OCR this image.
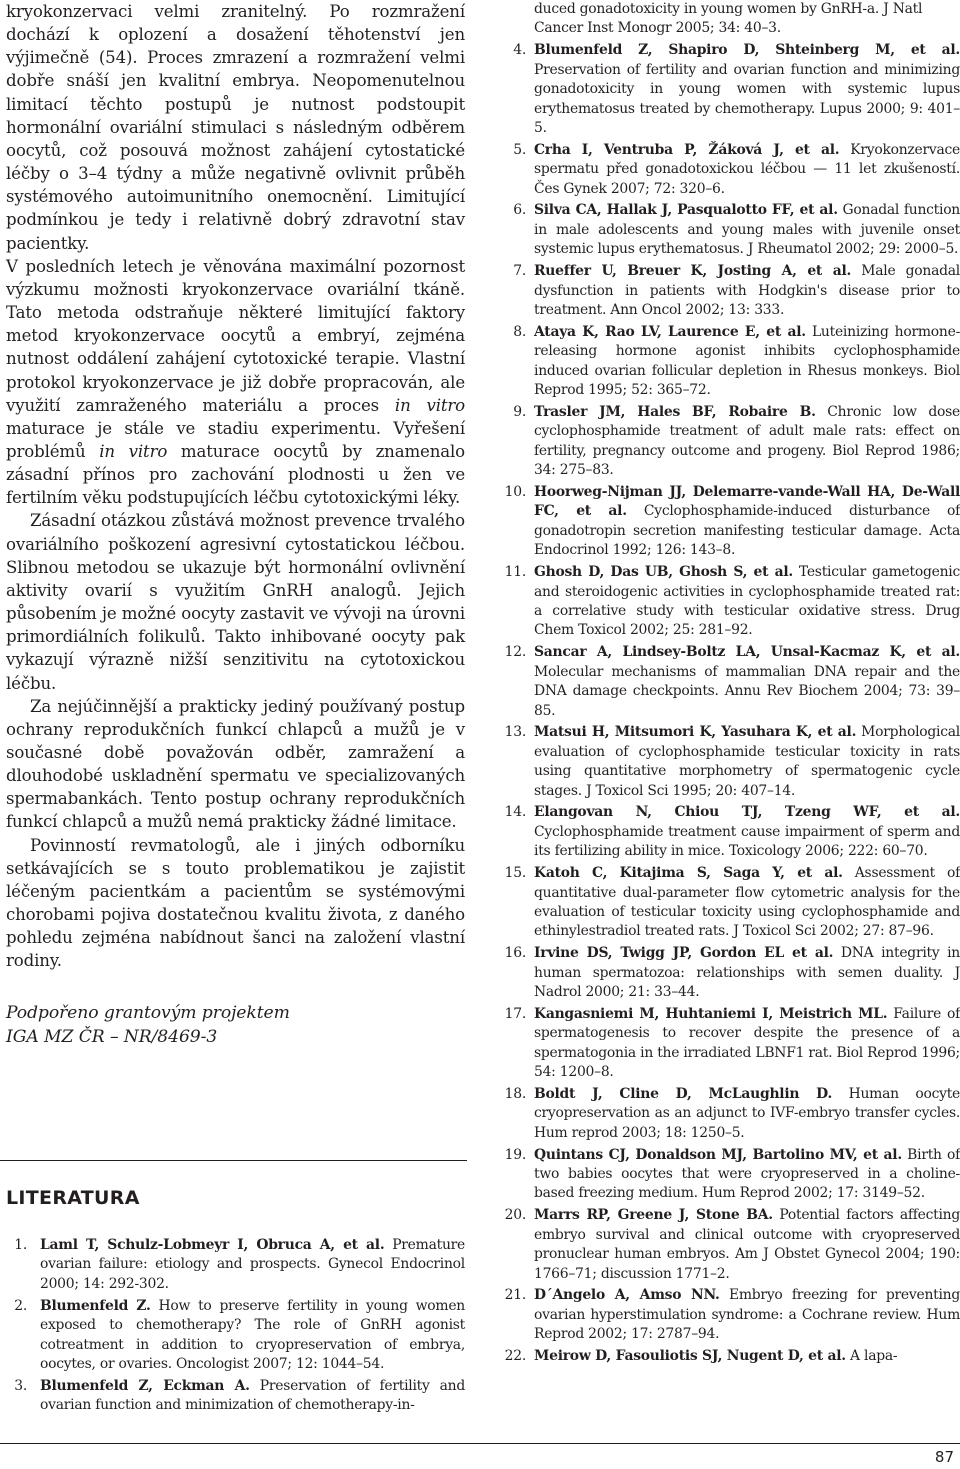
kryokonzervaci velmi zranitelný. Po rozmražení dochází k oplození a dosažení těhotenství jen výjimečně (54). Proces zmrazení a rozmražení velmi dobře snáší jen kvalitní embrya. Neopomenutelnou limitací těchto postupů je nutnost podstoupit hormonální ovariální stimulaci s následným odběrem oocytů, což posouvá možnost zahájení cytostatické léčby o 3–4 týdny a může negativně ovlivnit průběh systémového autoimunitního onemocnění. Limitující podmínkou je tedy i relativně dobrý zdravotní stav pacientky.

V posledních letech je věnována maximální pozornost výzkumu možnosti kryokonzervace ovariální tkáně. Tato metoda odstraňuje některé limitující faktory metod kryokonzervace oocytů a embryí, zejména nutnost oddálení zahájení cytotoxické terapie. Vlastní protokol kryokonzervace je již dobře propracován, ale využití zamraženého materiálu a proces in vitro maturace je stále ve stadiu experimentu. Vyřešení problémů in vitro maturace oocytů by znamenalo zásadní přínos pro zachování plodnosti u žen ve fertilním věku podstupujících léčbu cytotoxickými léky.

Zásadní otázkou zůstává možnost prevence trvalého ovariálního poškození agresivní cytostatickou léčbou. Slibnou metodou se ukazuje být hormonální ovlivnění aktivity ovarií s využitím GnRH analogů. Jejich působením je možné oocyty zastavit ve vývoji na úrovni primordiálních folikulů. Takto inhibované oocyty pak vykazují výrazně nižší senzitivitu na cytotoxickou léčbu.

Za nejúčinnější a prakticky jediný používaný postup ochrany reprodukčních funkcí chlapců a mužů je v současné době považován odběr, zamražení a dlouhodobé uskladnění spermatu ve specializovaných spermabankách. Tento postup ochrany reprodukčních funkcí chlapců a mužů nemá prakticky žádné limitace.

Povinností revmatologů, ale i jiných odborníku setkávajících se s touto problematikou je zajistit léčeným pacientkám a pacientům se systémovými chorobami pojiva dostatečnou kvalitu života, z daného pohledu zejména nabídnout šanci na založení vlastní rodiny.

Podpořeno grantovým projektem
IGA MZ ČR – NR/8469-3
LITERATURA
1. Laml T, Schulz-Lobmeyr I, Obruca A, et al. Premature ovarian failure: etiology and prospects. Gynecol Endocrinol 2000; 14: 292-302.
2. Blumenfeld Z. How to preserve fertility in young women exposed to chemotherapy? The role of GnRH agonist cotreatment in addition to cryopreservation of embrya, oocytes, or ovaries. Oncologist 2007; 12: 1044–54.
3. Blumenfeld Z, Eckman A. Preservation of fertility and ovarian function and minimization of chemotherapy-in-
duced gonadotoxicity in young women by GnRH-a. J Natl Cancer Inst Monogr 2005; 34: 40–3.
4. Blumenfeld Z, Shapiro D, Shteinberg M, et al. Preservation of fertility and ovarian function and minimizing gonadotoxicity in young women with systemic lupus erythematosus treated by chemotherapy. Lupus 2000; 9: 401–5.
5. Crha I, Ventruba P, Žáková J, et al. Kryokonzervace spermatu před gonadotoxickou léčbou — 11 let zkušeností. Čes Gynek 2007; 72: 320–6.
6. Silva CA, Hallak J, Pasqualotto FF, et al. Gonadal function in male adolescents and young males with juvenile onset systemic lupus erythematosus. J Rheumatol 2002; 29: 2000–5.
7. Rueffer U, Breuer K, Josting A, et al. Male gonadal dysfunction in patients with Hodgkin's disease prior to treatment. Ann Oncol 2002; 13: 333.
8. Ataya K, Rao LV, Laurence E, et al. Luteinizing hormone-releasing hormone agonist inhibits cyclophosphamide induced ovarian follicular depletion in Rhesus monkeys. Biol Reprod 1995; 52: 365–72.
9. Trasler JM, Hales BF, Robaire B. Chronic low dose cyclophosphamide treatment of adult male rats: effect on fertility, pregnancy outcome and progeny. Biol Reprod 1986; 34: 275–83.
10. Hoorweg-Nijman JJ, Delemarre-vande-Wall HA, De-Wall FC, et al. Cyclophosphamide-induced disturbance of gonadotropin secretion manifesting testicular damage. Acta Endocrinol 1992; 126: 143–8.
11. Ghosh D, Das UB, Ghosh S, et al. Testicular gametogenic and steroidogenic activities in cyclophosphamide treated rat: a correlative study with testicular oxidative stress. Drug Chem Toxicol 2002; 25: 281–92.
12. Sancar A, Lindsey-Boltz LA, Unsal-Kacmaz K, et al. Molecular mechanisms of mammalian DNA repair and the DNA damage checkpoints. Annu Rev Biochem 2004; 73: 39–85.
13. Matsui H, Mitsumori K, Yasuhara K, et al. Morphological evaluation of cyclophosphamide testicular toxicity in rats using quantitative morphometry of spermatogenic cycle stages. J Toxicol Sci 1995; 20: 407–14.
14. Elangovan N, Chiou TJ, Tzeng WF, et al. Cyclophosphamide treatment cause impairment of sperm and its fertilizing ability in mice. Toxicology 2006; 222: 60–70.
15. Katoh C, Kitajima S, Saga Y, et al. Assessment of quantitative dual-parameter flow cytometric analysis for the evaluation of testicular toxicity using cyclophosphamide and ethinylestradiol treated rats. J Toxicol Sci 2002; 27: 87–96.
16. Irvine DS, Twigg JP, Gordon EL et al. DNA integrity in human spermatozoa: relationships with semen duality. J Nadrol 2000; 21: 33–44.
17. Kangasniemi M, Huhtaniemi I, Meistrich ML. Failure of spermatogenesis to recover despite the presence of a spermatogonia in the irradiated LBNF1 rat. Biol Reprod 1996; 54: 1200–8.
18. Boldt J, Cline D, McLaughlin D. Human oocyte cryopreservation as an adjunct to IVF-embryo transfer cycles. Hum reprod 2003; 18: 1250–5.
19. Quintans CJ, Donaldson MJ, Bartolino MV, et al. Birth of two babies oocytes that were cryopreserved in a choline-based freezing medium. Hum Reprod 2002; 17: 3149–52.
20. Marrs RP, Greene J, Stone BA. Potential factors affecting embryo survival and clinical outcome with cryopreserved pronuclear human embryos. Am J Obstet Gynecol 2004; 190: 1766–71; discussion 1771–2.
21. D´Angelo A, Amso NN. Embryo freezing for preventing ovarian hyperstimulation syndrome: a Cochrane review. Hum Reprod 2002; 17: 2787–94.
22. Meirow D, Fasouliotis SJ, Nugent D, et al. A lapa-
87
